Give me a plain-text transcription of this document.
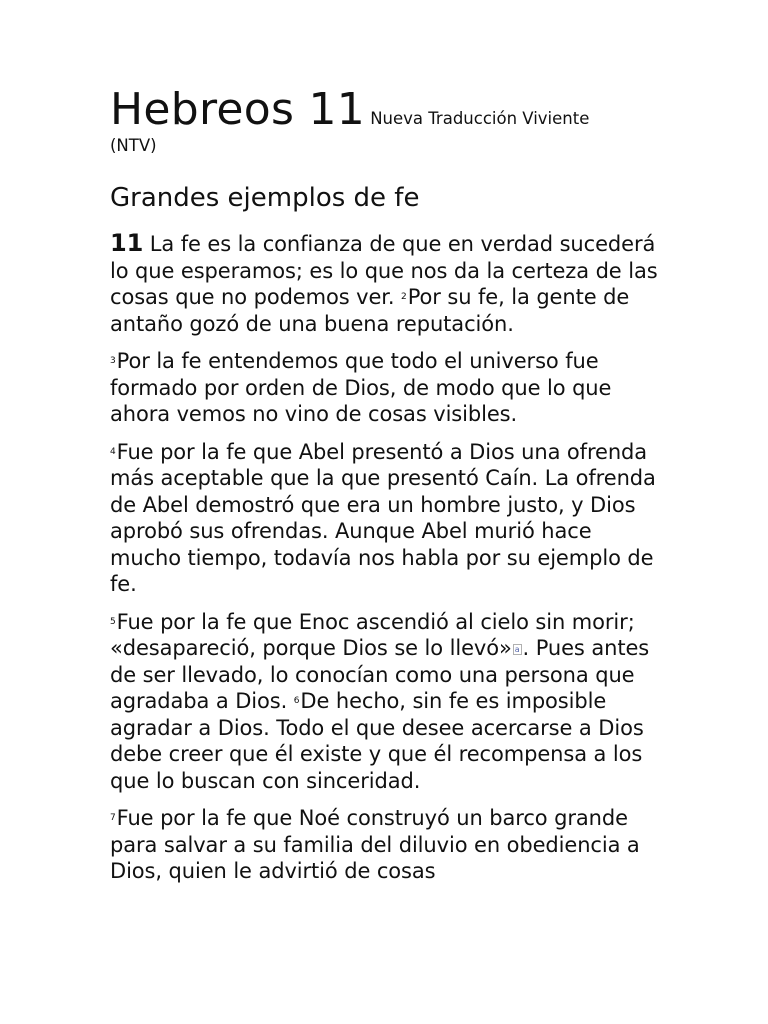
Hebreos 11 Nueva Traducción Viviente
(NTV)
Grandes ejemplos de fe

11 La fe es la confianza de que en verdad sucederá lo que esperamos; es lo que nos da la certeza de las cosas que no podemos ver. $^2$Por su fe, la gente de antaño gozó de una buena reputación.

$^3$Por la fe entendemos que todo el universo fue formado por orden de Dios, de modo que lo que ahora vemos no vino de cosas visibles.

$^4$Fue por la fe que Abel presentó a Dios una ofrenda más aceptable que la que presentó Caín. La ofrenda de Abel demostró que era un hombre justo, y Dios aprobó sus ofrendas. Aunque Abel murió hace mucho tiempo, todavía nos habla por su ejemplo de fe.

$^5$Fue por la fe que Enoc ascendió al cielo sin morir; «desapareció, porque Dios se lo llevó» a . Pues antes de ser llevado, lo conocían como una persona que agradaba a Dios. $^6$De hecho, sin fe es imposible agradar a Dios. Todo el que desee acercarse a Dios debe creer que él existe y que él recompensa a los que lo buscan con sinceridad.

$^7$Fue por la fe que Noé construyó un barco grande para salvar a su familia del diluvio en obediencia a Dios, quien le advirtió de cosas
